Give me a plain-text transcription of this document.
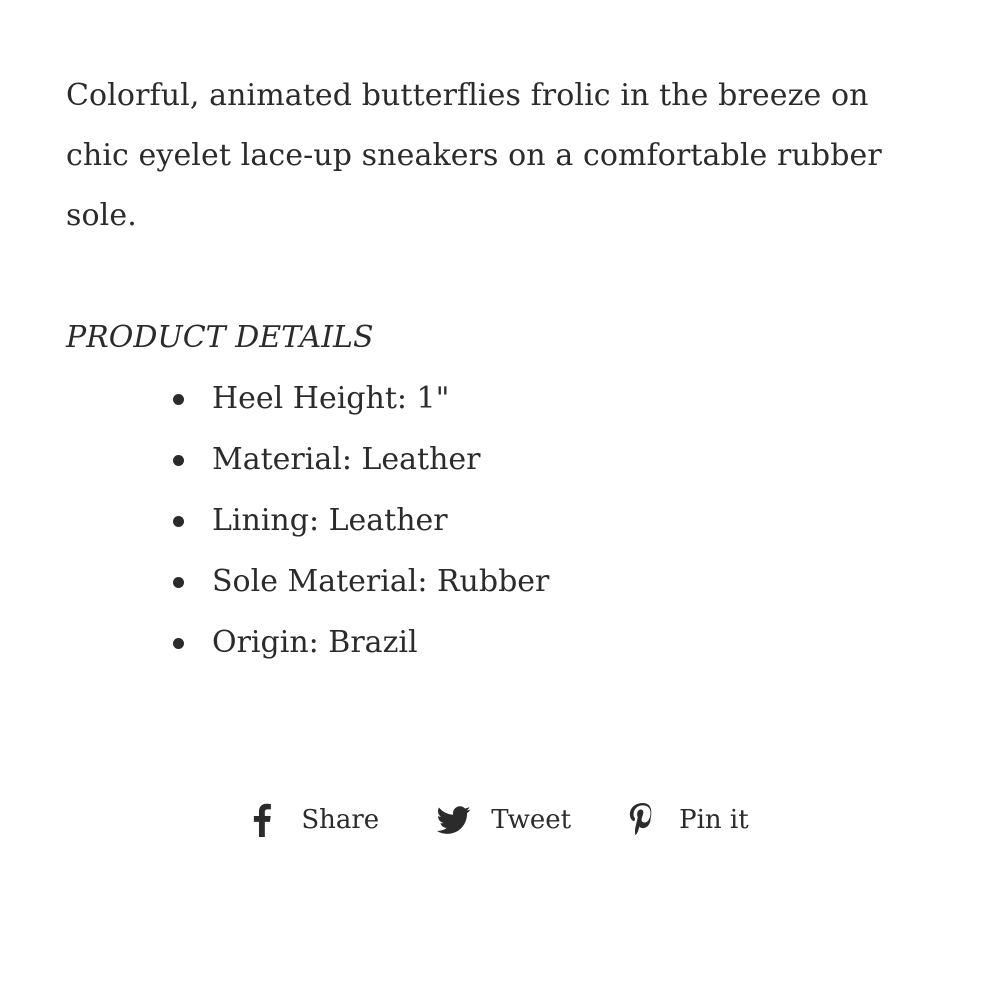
Colorful, animated butterflies frolic in the breeze on chic eyelet lace-up sneakers on a comfortable rubber sole.

PRODUCT DETAILS
Heel Height: 1"
Material: Leather
Lining: Leather
Sole Material: Rubber
Origin: Brazil
Share	Tweet	Pin it
